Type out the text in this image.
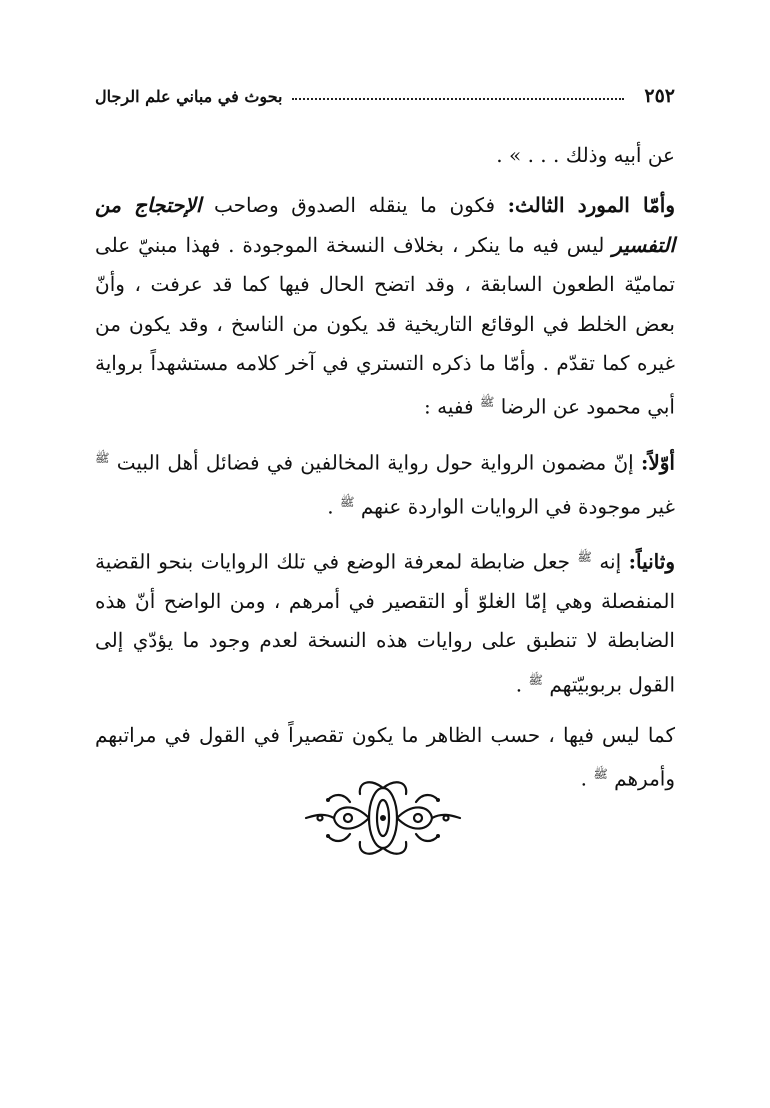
٢٥٢
بحوث في مباني علم الرجال

عن أبيه وذلك . . . » .

وأمّا المورد الثالث: فكون ما ينقله الصدوق وصاحب الإحتجاج من التفسير ليس فيه ما ينكر ، بخلاف النسخة الموجودة . فهذا مبنيّ على تماميّة الطعون السابقة ، وقد اتضح الحال فيها كما قد عرفت ، وأنّ بعض الخلط في الوقائع التاريخية قد يكون من الناسخ ، وقد يكون من غيره كما تقدّم . وأمّا ما ذكره التستري في آخر كلامه مستشهداً برواية أبي محمود عن الرضا $^ﷺ$ ففيه :

أوّلاً: إنّ مضمون الرواية حول رواية المخالفين في فضائل أهل البيت $^ﷺ$ غير موجودة في الروايات الواردة عنهم $^ﷺ$ .

وثانياً: إنه $^ﷺ$ جعل ضابطة لمعرفة الوضع في تلك الروايات بنحو القضية المنفصلة وهي إمّا الغلوّ أو التقصير في أمرهم ، ومن الواضح أنّ هذه الضابطة لا تنطبق على روايات هذه النسخة لعدم وجود ما يؤدّي إلى القول بربوبيّتهم $^ﷺ$ .

كما ليس فيها ، حسب الظاهر ما يكون تقصيراً في القول في مراتبهم وأمرهم $^ﷺ$ .
